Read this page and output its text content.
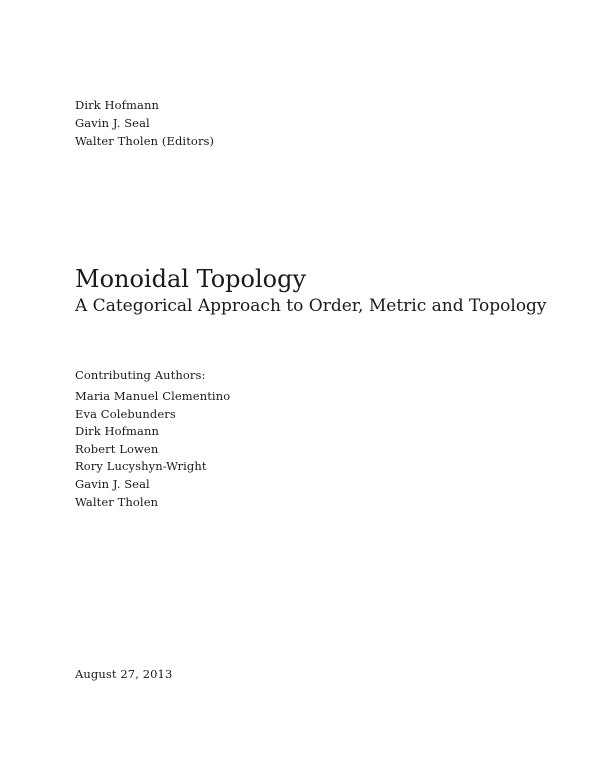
Dirk Hofmann
Gavin J. Seal
Walter Tholen (Editors)
Monoidal Topology
A Categorical Approach to Order, Metric and Topology
Contributing Authors:
Maria Manuel Clementino
Eva Colebunders
Dirk Hofmann
Robert Lowen
Rory Lucyshyn-Wright
Gavin J. Seal
Walter Tholen
August 27, 2013
